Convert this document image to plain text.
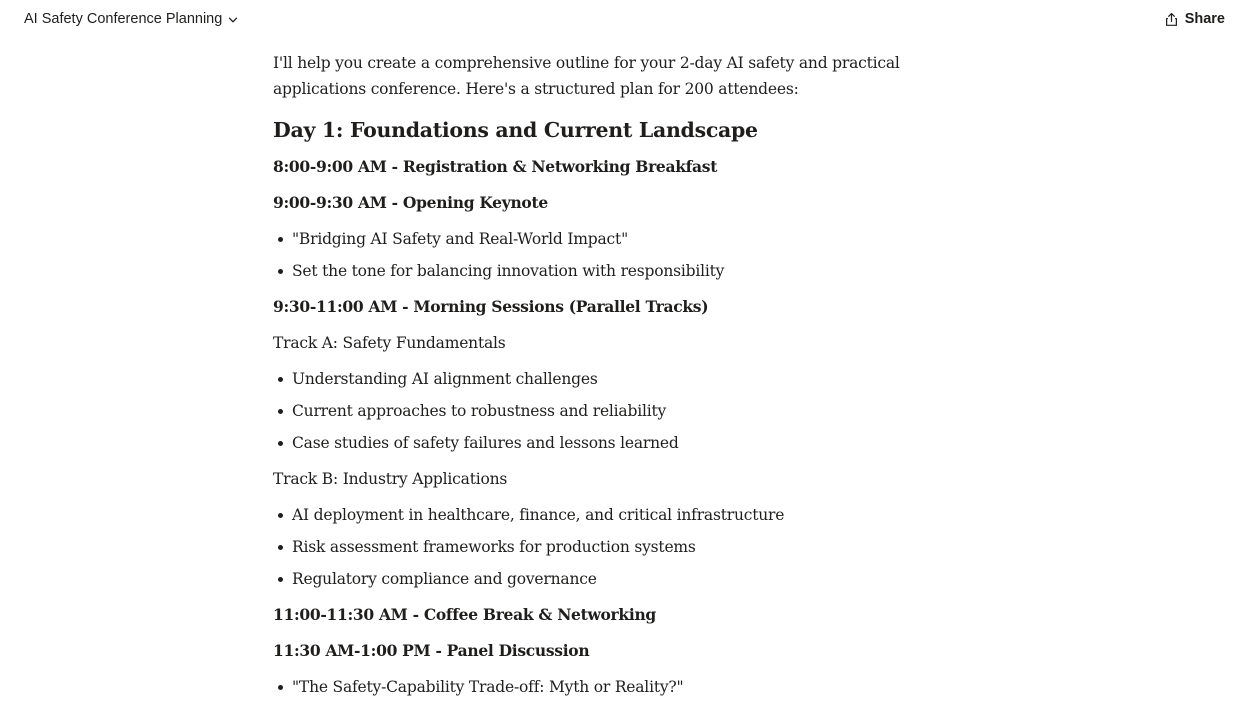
AI Safety Conference Planning	Share

I'll help you create a comprehensive outline for your 2-day AI safety and practical applications conference. Here's a structured plan for 200 attendees:

Day 1: Foundations and Current Landscape

8:00-9:00 AM - Registration & Networking Breakfast

9:00-9:30 AM - Opening Keynote

"Bridging AI Safety and Real-World Impact"
Set the tone for balancing innovation with responsibility

9:30-11:00 AM - Morning Sessions (Parallel Tracks)

Track A: Safety Fundamentals

Understanding AI alignment challenges
Current approaches to robustness and reliability
Case studies of safety failures and lessons learned

Track B: Industry Applications

AI deployment in healthcare, finance, and critical infrastructure
Risk assessment frameworks for production systems
Regulatory compliance and governance

11:00-11:30 AM - Coffee Break & Networking

11:30 AM-1:00 PM - Panel Discussion

"The Safety-Capability Trade-off: Myth or Reality?"
